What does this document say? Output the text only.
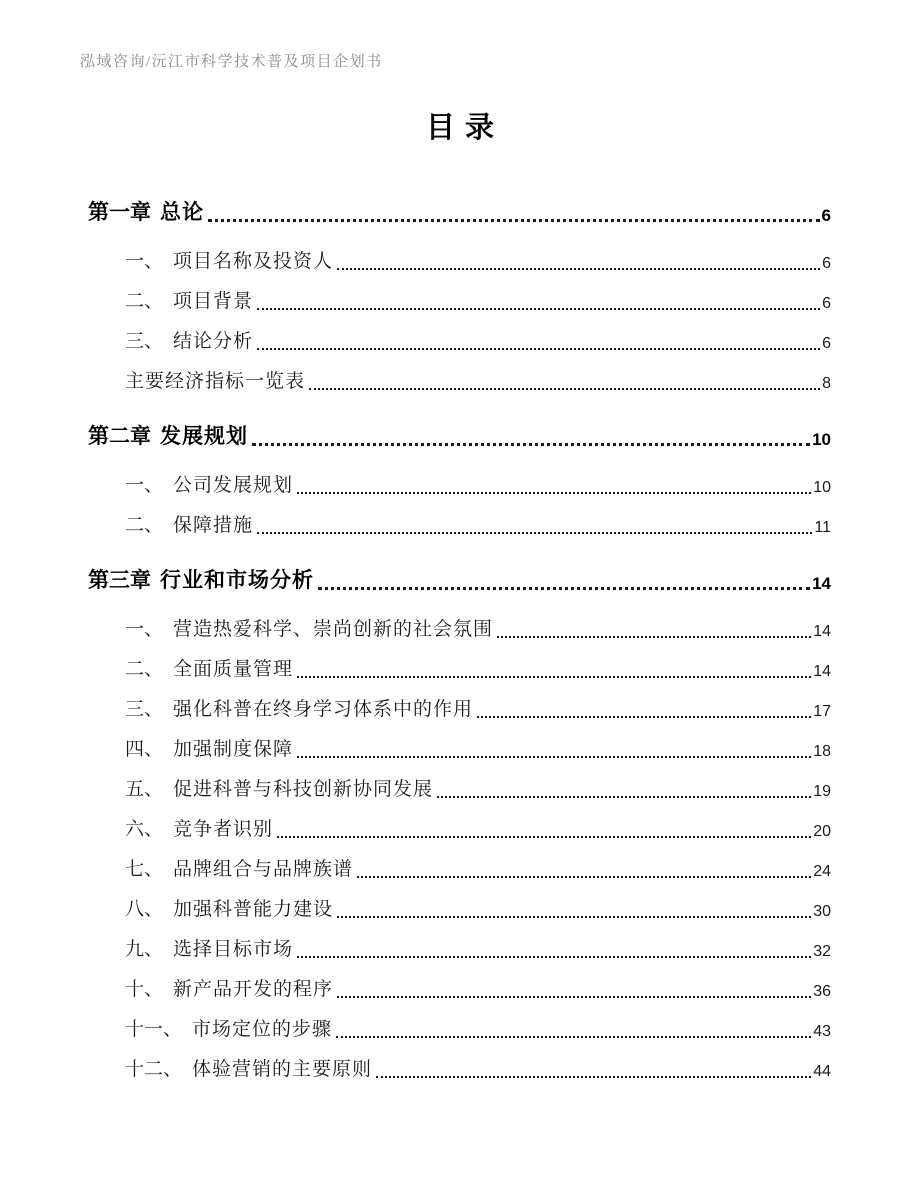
泓域咨询/沅江市科学技术普及项目企划书
目录
第一章 总论	6
一、 项目名称及投资人	6
二、 项目背景	6
三、 结论分析	6
主要经济指标一览表	8
第二章 发展规划	10
一、 公司发展规划	10
二、 保障措施	11
第三章 行业和市场分析	14
一、 营造热爱科学、崇尚创新的社会氛围	14
二、 全面质量管理	14
三、 强化科普在终身学习体系中的作用	17
四、 加强制度保障	18
五、 促进科普与科技创新协同发展	19
六、 竞争者识别	20
七、 品牌组合与品牌族谱	24
八、 加强科普能力建设	30
九、 选择目标市场	32
十、 新产品开发的程序	36
十一、 市场定位的步骤	43
十二、 体验营销的主要原则	44
